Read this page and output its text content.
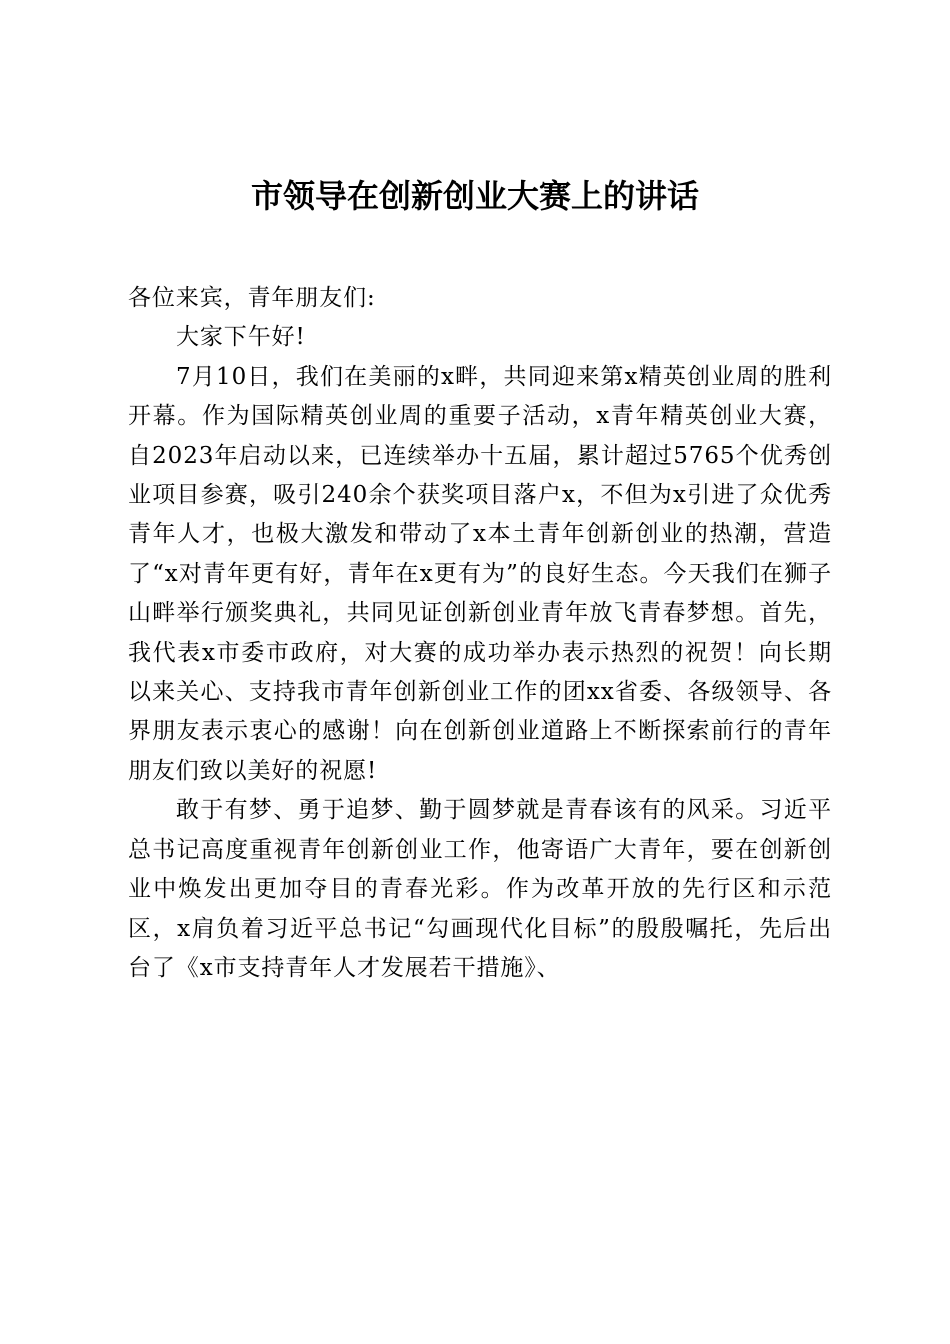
市领导在创新创业大赛上的讲话

各位来宾，青年朋友们:

大家下午好!

7月10日，我们在美丽的x畔，共同迎来第x精英创业周的胜利开幕。作为国际精英创业周的重要子活动，x青年精英创业大赛，自2023年启动以来，已连续举办十五届，累计超过5765个优秀创业项目参赛，吸引240余个获奖项目落户x，不但为x引进了众优秀青年人才，也极大激发和带动了x本土青年创新创业的热潮，营造了“x对青年更有好，青年在x更有为”的良好生态。今天我们在狮子山畔举行颁奖典礼，共同见证创新创业青年放飞青春梦想。首先，我代表x市委市政府，对大赛的成功举办表示热烈的祝贺！向长期以来关心、支持我市青年创新创业工作的团xx省委、各级领导、各界朋友表示衷心的感谢！向在创新创业道路上不断探索前行的青年朋友们致以美好的祝愿!

敢于有梦、勇于追梦、勤于圆梦就是青春该有的风采。习近平总书记高度重视青年创新创业工作，他寄语广大青年，要在创新创业中焕发出更加夺目的青春光彩。作为改革开放的先行区和示范区，x肩负着习近平总书记“勾画现代化目标”的殷殷嘱托，先后出台了《x市支持青年人才发展若干措施》、
